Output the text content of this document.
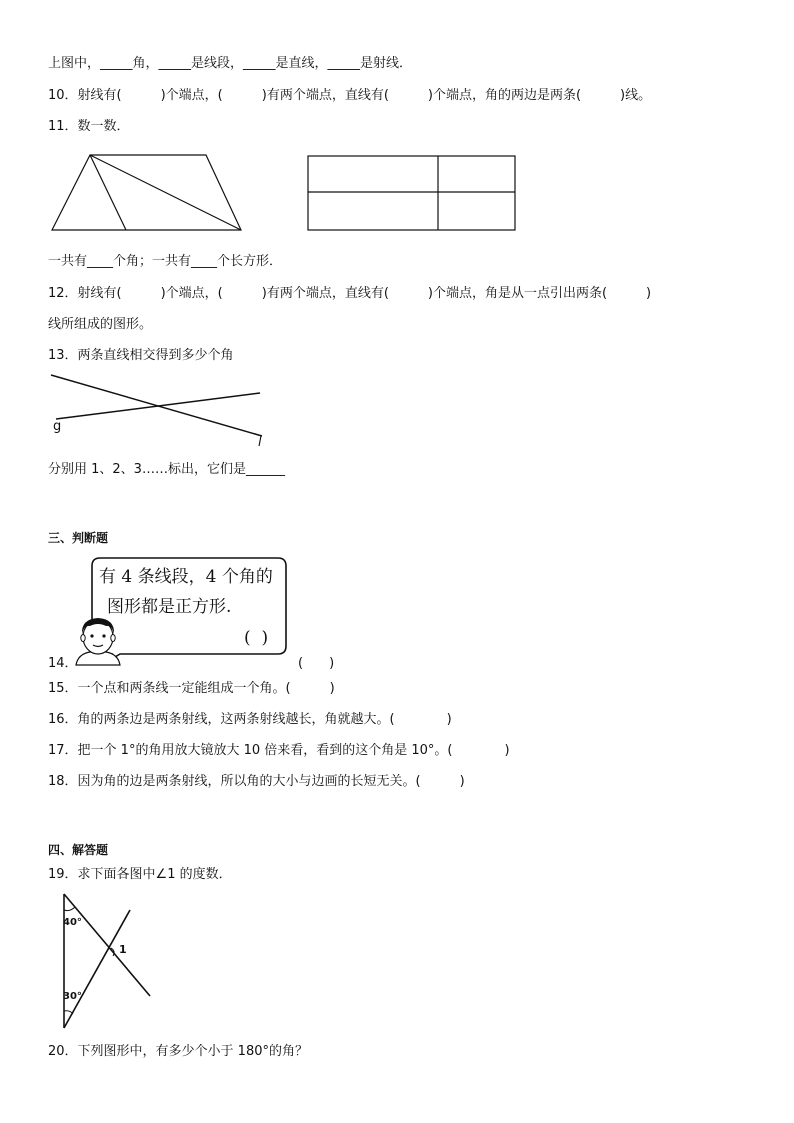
上图中，_____角，_____是线段，_____是直线，_____是射线．
10．射线有(　　　)个端点，(　　　)有两个端点，直线有(　　　)个端点，角的两边是两条(　　　)线。
11．数一数．
一共有____个角；一共有____个长方形．
12．射线有(　　　)个端点，(　　　)有两个端点，直线有(　　　)个端点，角是从一点引出两条(　　　)
线所组成的图形。
13．两条直线相交得到多少个角
g
l
分别用 1、2、3……标出，它们是______
三、判断题
有 4 条线段，4 个角的
图形都是正方形.
(  )
14．	(　　)
15．一个点和两条线一定能组成一个角。(　　　)
16．角的两条边是两条射线，这两条射线越长，角就越大。(　　　　)
17．把一个 1°的角用放大镜放大 10 倍来看，看到的这个角是 10°。(　　　　)
18．因为角的边是两条射线，所以角的大小与边画的长短无关。(　　　)
四、解答题
19．求下面各图中∠1 的度数．
40°
30°
1
20．下列图形中，有多少个小于 180°的角？
